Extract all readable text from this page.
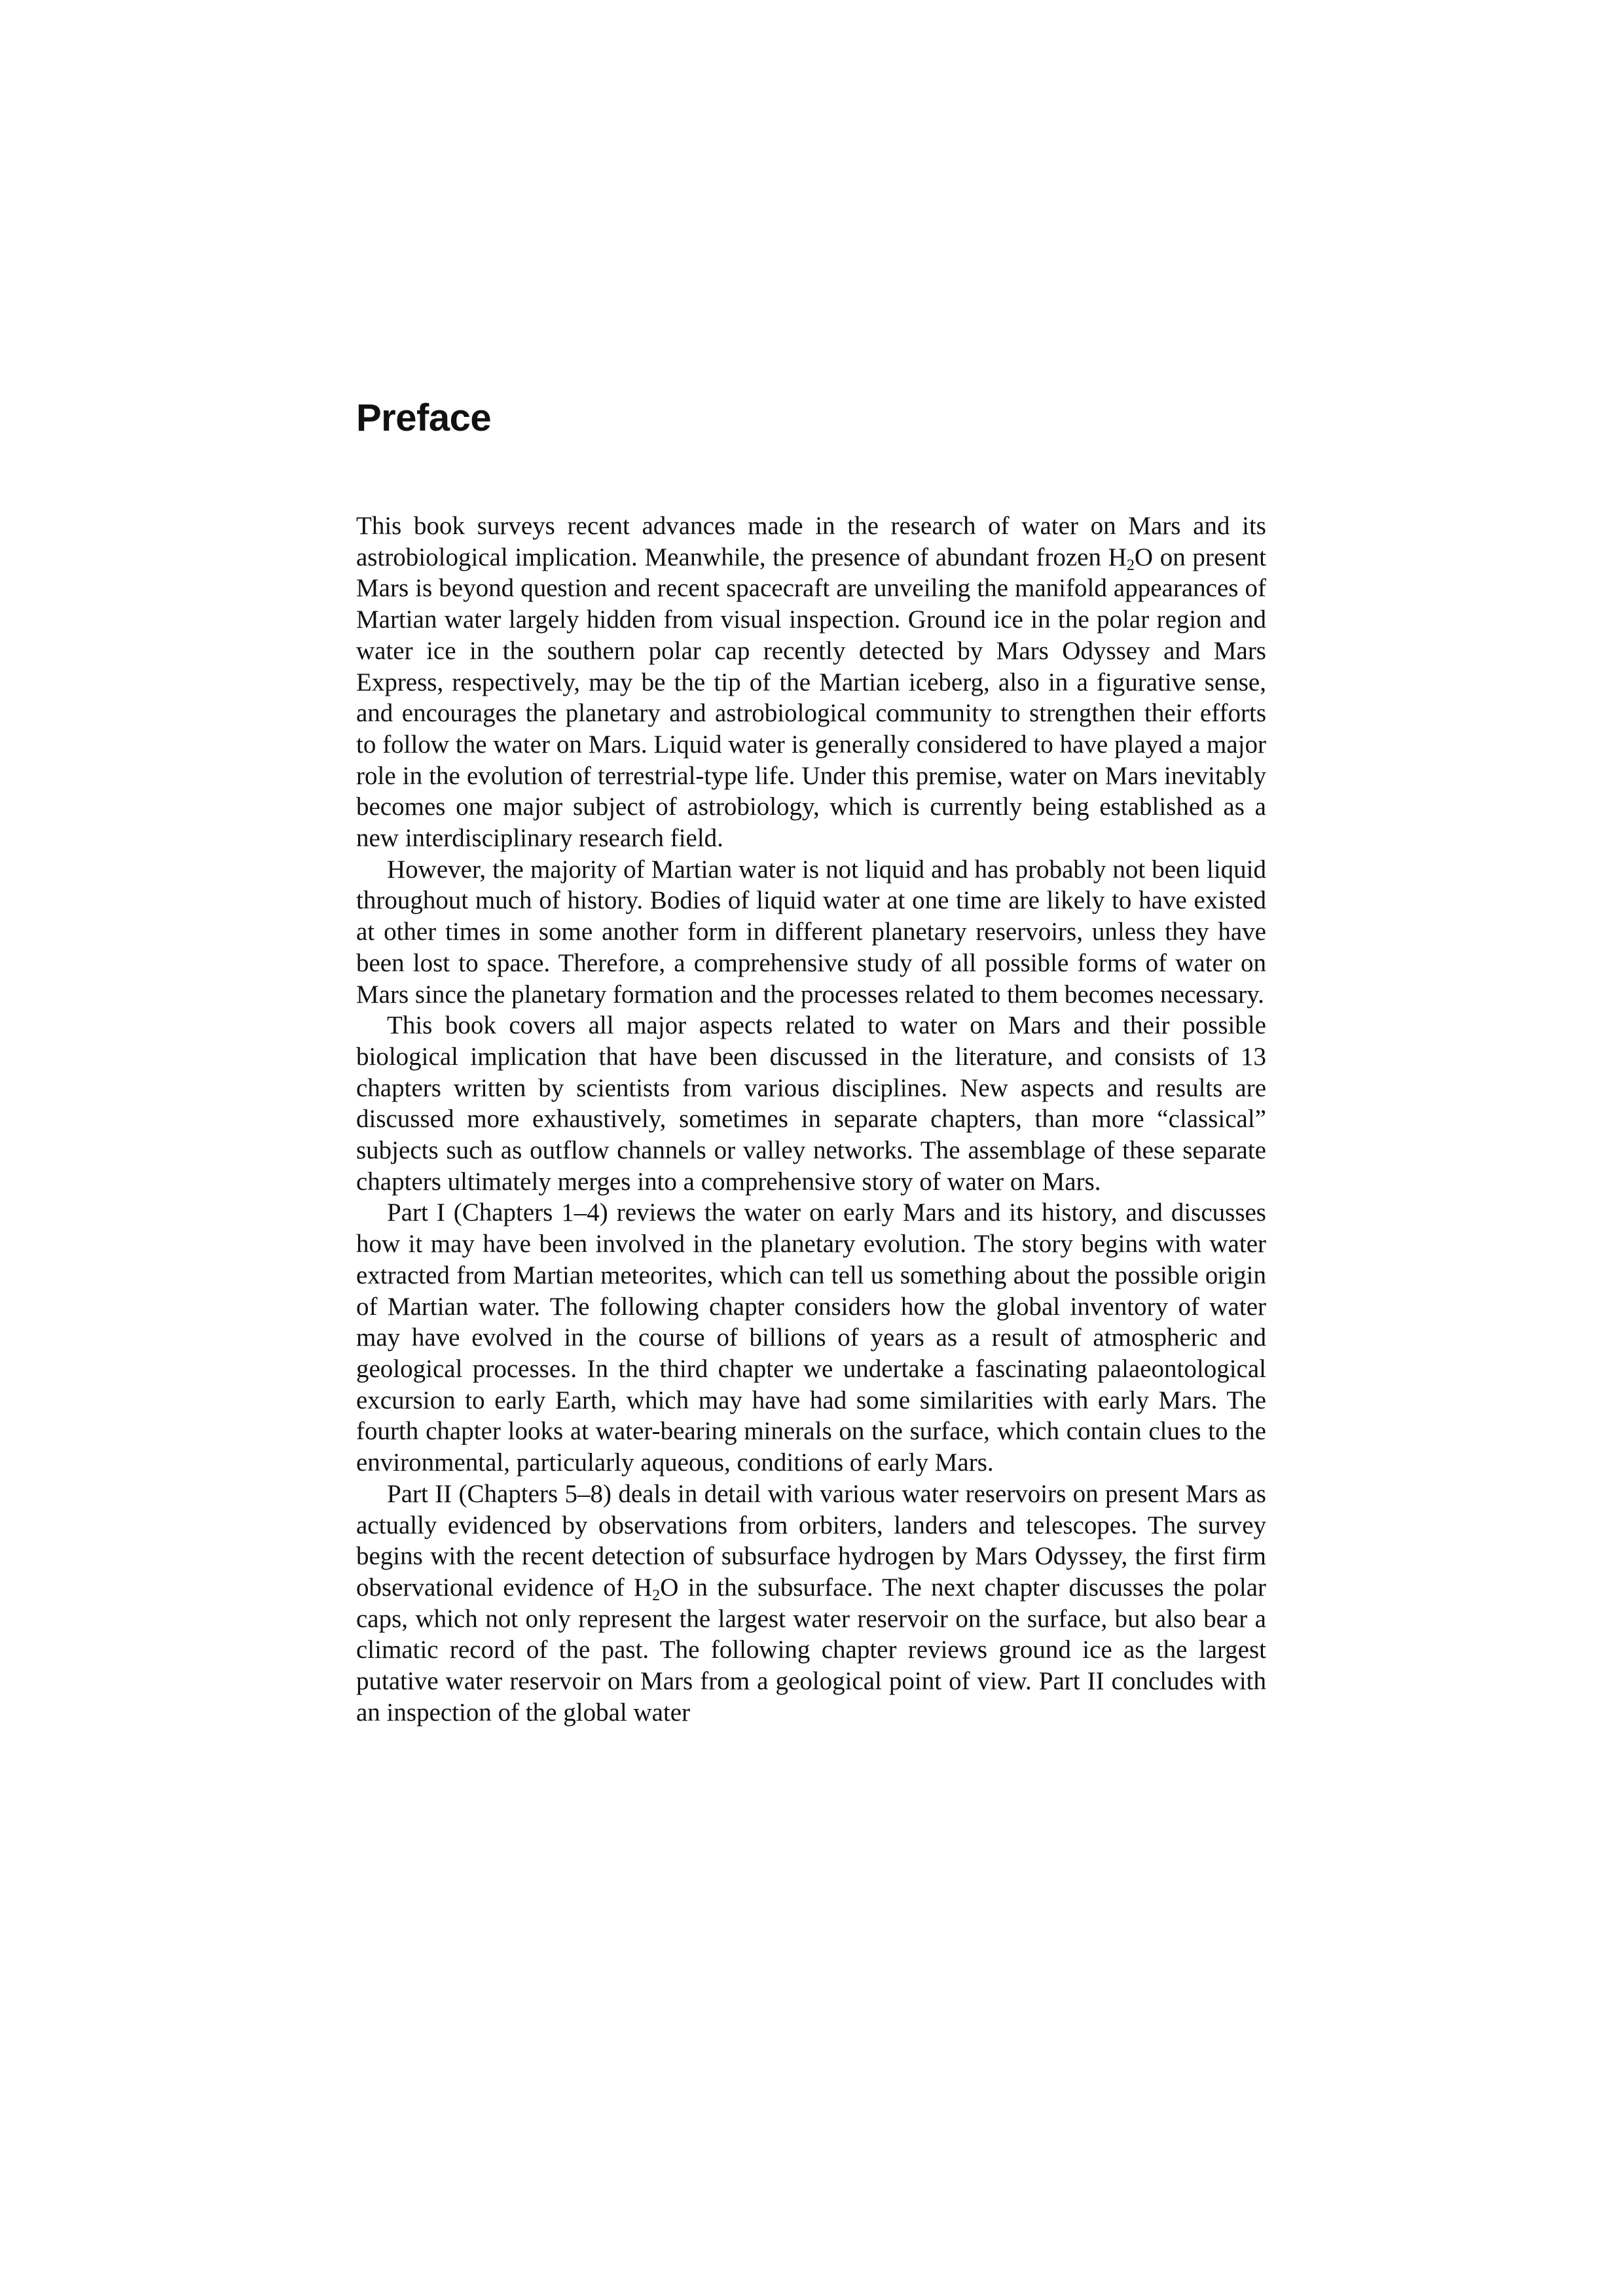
Preface

This book surveys recent advances made in the research of water on Mars and its astrobiological implication. Meanwhile, the presence of abundant frozen $H_2O$ on present Mars is beyond question and recent spacecraft are unveiling the manifold appearances of Martian water largely hidden from visual inspection. Ground ice in the polar region and water ice in the southern polar cap recently detected by Mars Odyssey and Mars Express, respectively, may be the tip of the Martian iceberg, also in a figurative sense, and encourages the planetary and astrobiological community to strengthen their efforts to follow the water on Mars. Liquid water is generally considered to have played a major role in the evolution of terrestrial-type life. Under this premise, water on Mars inevitably becomes one major subject of astrobiology, which is currently being established as a new interdisciplinary research field.

However, the majority of Martian water is not liquid and has probably not been liquid throughout much of history. Bodies of liquid water at one time are likely to have existed at other times in some another form in different planetary reservoirs, unless they have been lost to space. Therefore, a comprehensive study of all possible forms of water on Mars since the planetary formation and the processes related to them becomes necessary.

This book covers all major aspects related to water on Mars and their possible biological implication that have been discussed in the literature, and consists of 13 chapters written by scientists from various disciplines. New aspects and results are discussed more exhaustively, sometimes in separate chapters, than more “classical” subjects such as outflow channels or valley networks. The assemblage of these separate chapters ultimately merges into a comprehensive story of water on Mars.

Part I (Chapters 1–4) reviews the water on early Mars and its history, and discusses how it may have been involved in the planetary evolution. The story begins with water extracted from Martian meteorites, which can tell us something about the possible origin of Martian water. The following chapter considers how the global inventory of water may have evolved in the course of billions of years as a result of atmospheric and geological processes. In the third chapter we undertake a fascinating palaeontological excursion to early Earth, which may have had some similarities with early Mars. The fourth chapter looks at water-bearing minerals on the surface, which contain clues to the environmental, particularly aqueous, conditions of early Mars.

Part II (Chapters 5–8) deals in detail with various water reservoirs on present Mars as actually evidenced by observations from orbiters, landers and telescopes. The survey begins with the recent detection of subsurface hydrogen by Mars Odyssey, the first firm observational evidence of $H_2O$ in the subsurface. The next chapter discusses the polar caps, which not only represent the largest water reservoir on the surface, but also bear a climatic record of the past. The following chapter reviews ground ice as the largest putative water reservoir on Mars from a geological point of view. Part II concludes with an inspection of the global water
